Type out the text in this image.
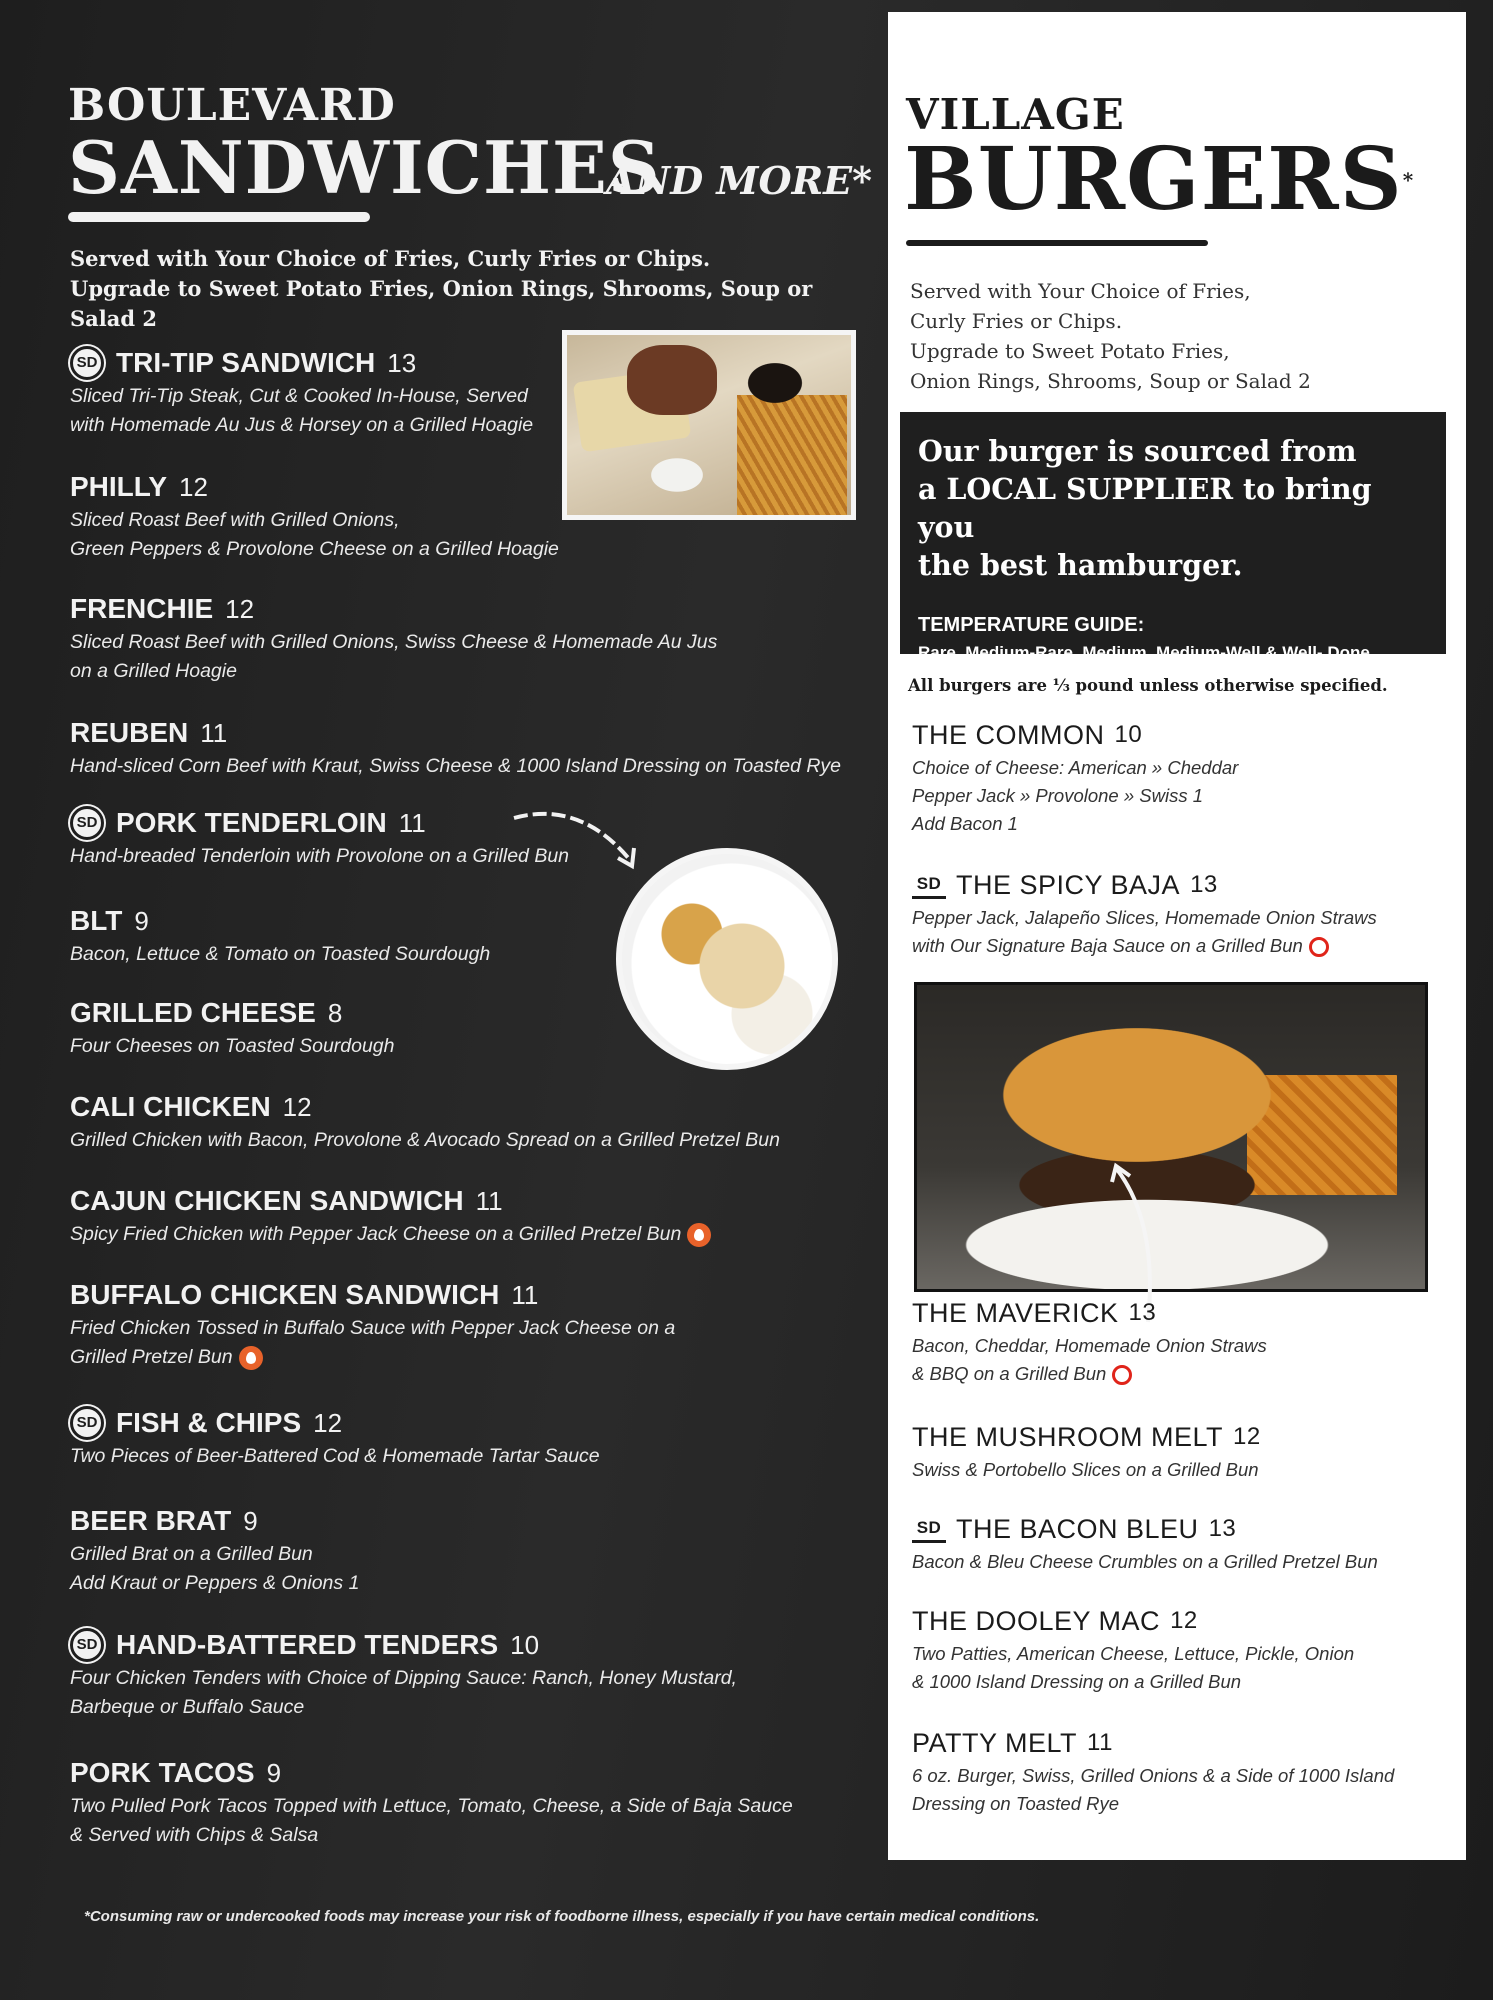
BOULEVARD
SANDWICHES
AND MORE*
Served with Your Choice of Fries, Curly Fries or Chips.
Upgrade to Sweet Potato Fries, Onion Rings, Shrooms, Soup or Salad 2
SD TRI-TIP SANDWICH 13
Sliced Tri-Tip Steak, Cut & Cooked In-House, Served
with Homemade Au Jus & Horsey on a Grilled Hoagie
PHILLY 12
Sliced Roast Beef with Grilled Onions,
Green Peppers & Provolone Cheese on a Grilled Hoagie
FRENCHIE 12
Sliced Roast Beef with Grilled Onions, Swiss Cheese & Homemade Au Jus
on a Grilled Hoagie
REUBEN 11
Hand-sliced Corn Beef with Kraut, Swiss Cheese & 1000 Island Dressing on Toasted Rye
SD PORK TENDERLOIN 11
Hand-breaded Tenderloin with Provolone on a Grilled Bun
BLT 9
Bacon, Lettuce & Tomato on Toasted Sourdough
GRILLED CHEESE 8
Four Cheeses on Toasted Sourdough
CALI CHICKEN 12
Grilled Chicken with Bacon, Provolone & Avocado Spread on a Grilled Pretzel Bun
CAJUN CHICKEN SANDWICH 11
Spicy Fried Chicken with Pepper Jack Cheese on a Grilled Pretzel Bun
BUFFALO CHICKEN SANDWICH 11
Fried Chicken Tossed in Buffalo Sauce with Pepper Jack Cheese on a
Grilled Pretzel Bun
SD FISH & CHIPS 12
Two Pieces of Beer-Battered Cod & Homemade Tartar Sauce
BEER BRAT 9
Grilled Brat on a Grilled Bun
Add Kraut or Peppers & Onions 1
SD HAND-BATTERED TENDERS 10
Four Chicken Tenders with Choice of Dipping Sauce: Ranch, Honey Mustard,
Barbeque or Buffalo Sauce
PORK TACOS 9
Two Pulled Pork Tacos Topped with Lettuce, Tomato, Cheese, a Side of Baja Sauce
& Served with Chips & Salsa
*Consuming raw or undercooked foods may increase your risk of foodborne illness, especially if you have certain medical conditions.
VILLAGE
BURGERS*
Served with Your Choice of Fries,
Curly Fries or Chips.
Upgrade to Sweet Potato Fries,
Onion Rings, Shrooms, Soup or Salad 2
Our burger is sourced from
a LOCAL SUPPLIER to bring you
the best hamburger.
TEMPERATURE GUIDE:
Rare, Medium-Rare, Medium, Medium-Well & Well- Done
All burgers are ⅓ pound unless otherwise specified.
THE COMMON 10
Choice of Cheese: American » Cheddar
Pepper Jack » Provolone » Swiss 1
Add Bacon 1
SD THE SPICY BAJA 13
Pepper Jack, Jalapeño Slices, Homemade Onion Straws
with Our Signature Baja Sauce on a Grilled Bun
THE MAVERICK 13
Bacon, Cheddar, Homemade Onion Straws
& BBQ on a Grilled Bun
THE MUSHROOM MELT 12
Swiss & Portobello Slices on a Grilled Bun
SD THE BACON BLEU 13
Bacon & Bleu Cheese Crumbles on a Grilled Pretzel Bun
THE DOOLEY MAC 12
Two Patties, American Cheese, Lettuce, Pickle, Onion
& 1000 Island Dressing on a Grilled Bun
PATTY MELT 11
6 oz. Burger, Swiss, Grilled Onions & a Side of 1000 Island
Dressing on Toasted Rye
